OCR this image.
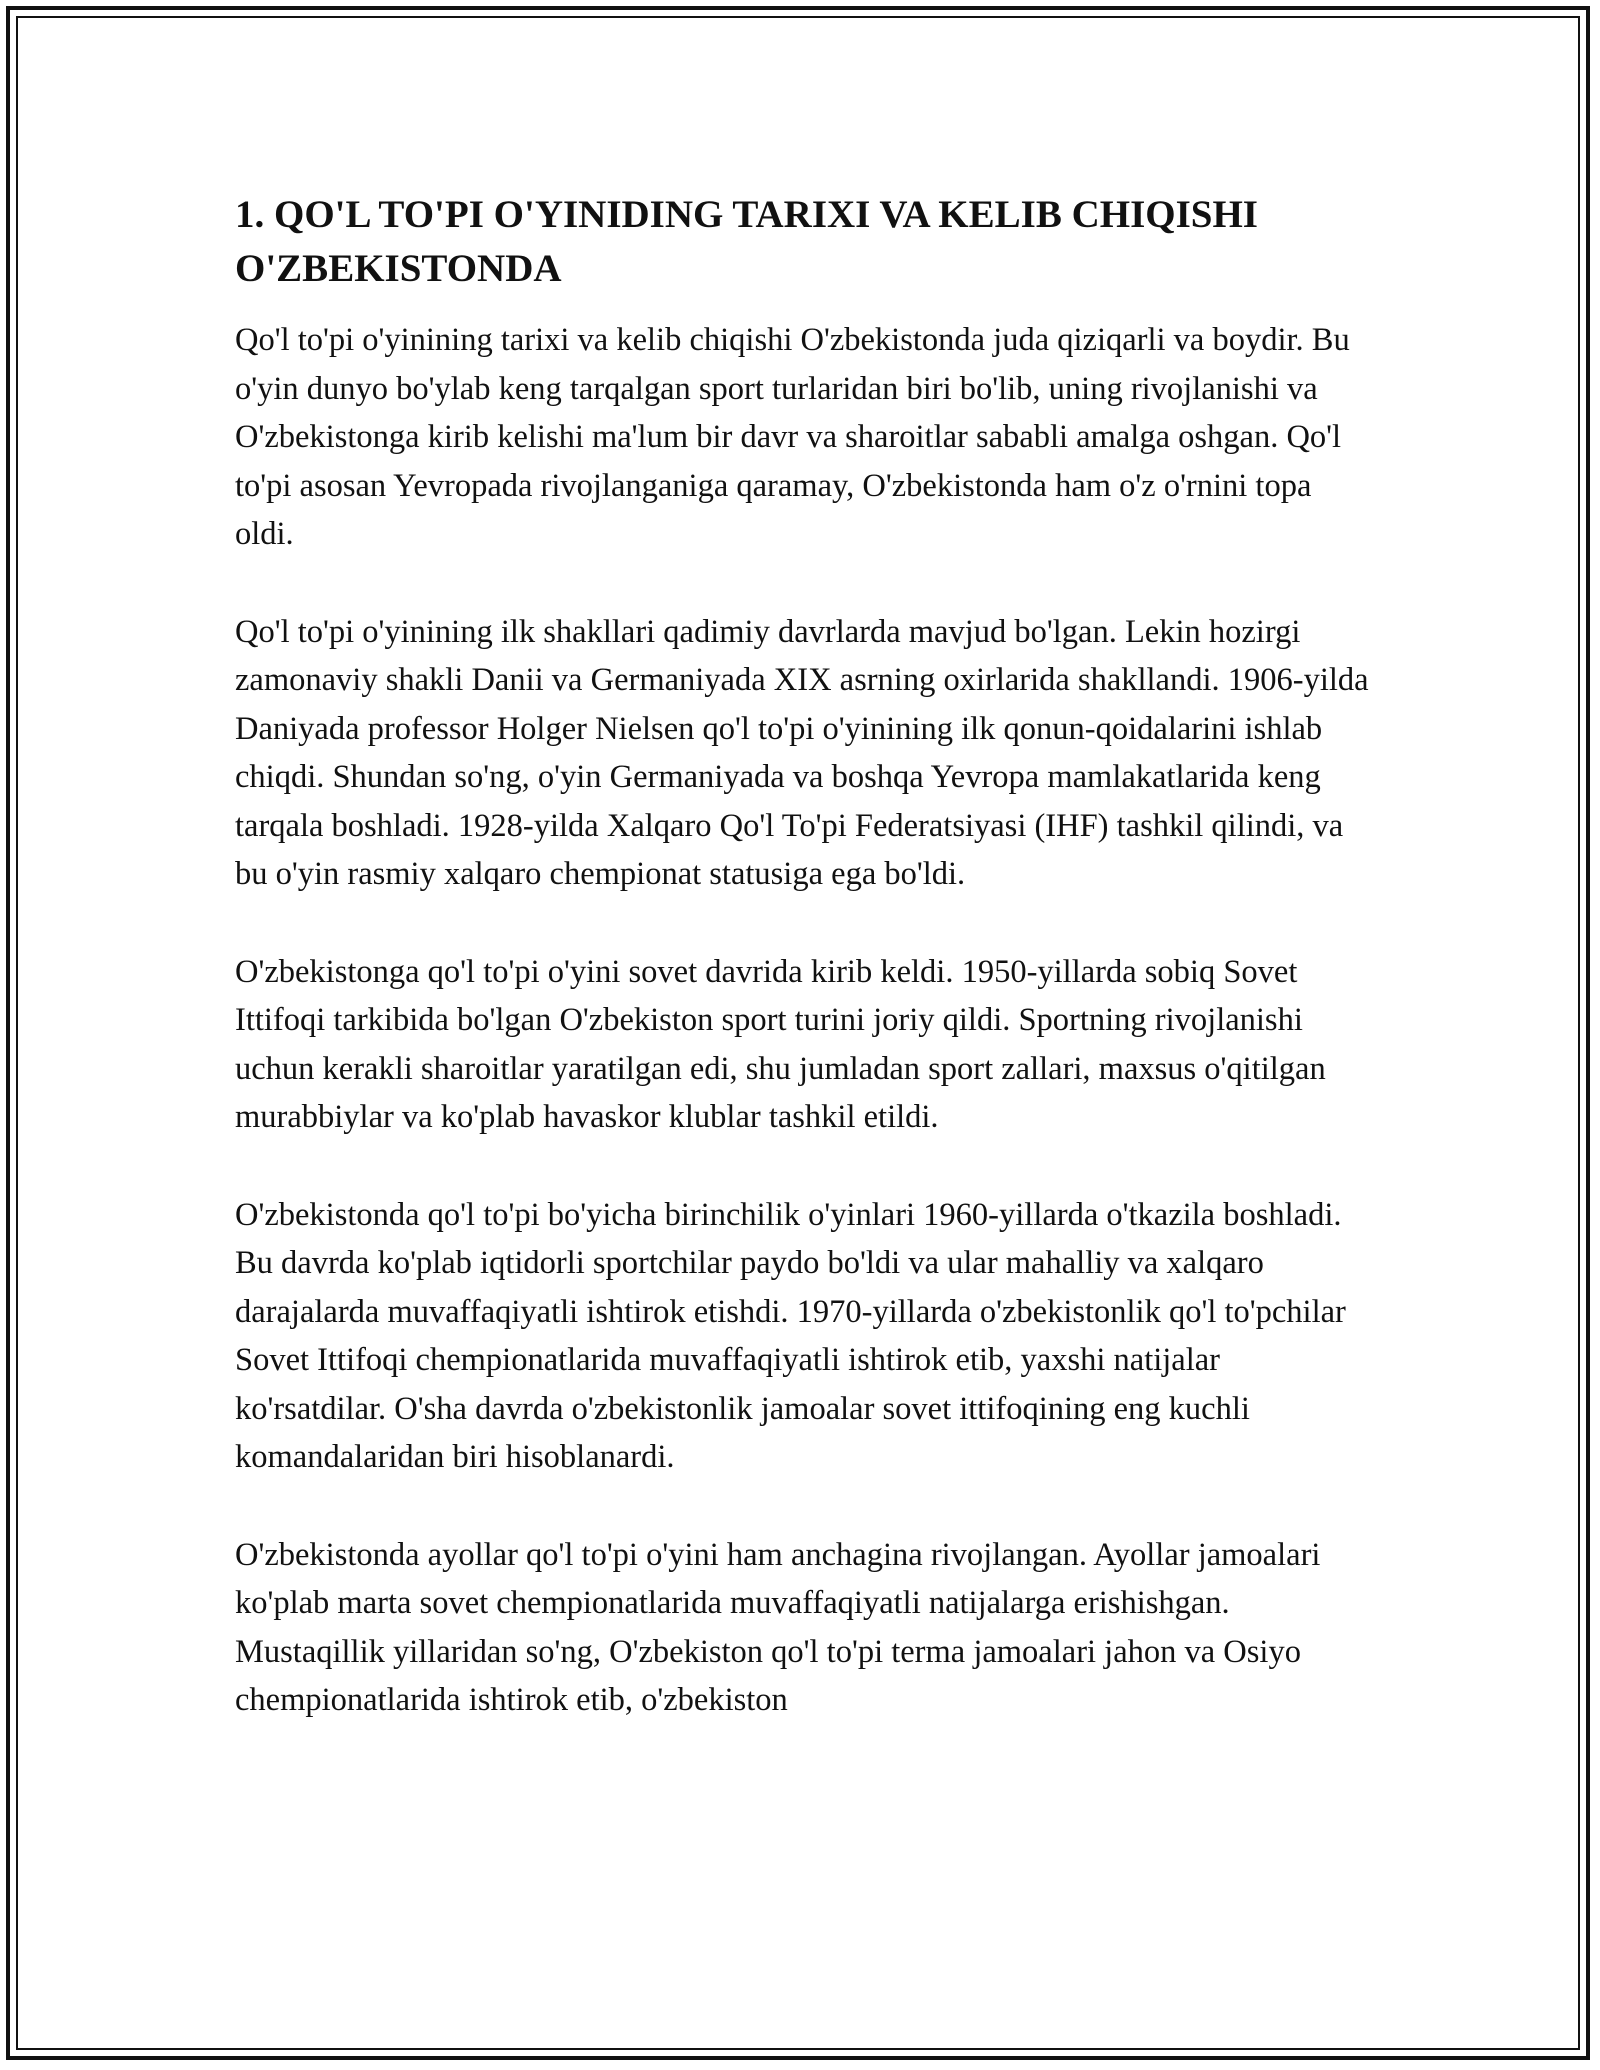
1. QO'L TO'PI O'YINIDING TARIXI VA KELIB CHIQISHI O'ZBEKISTONDA

Qo'l to'pi o'yinining tarixi va kelib chiqishi O'zbekistonda juda qiziqarli va boydir. Bu o'yin dunyo bo'ylab keng tarqalgan sport turlaridan biri bo'lib, uning rivojlanishi va O'zbekistonga kirib kelishi ma'lum bir davr va sharoitlar sababli amalga oshgan. Qo'l to'pi asosan Yevropada rivojlanganiga qaramay, O'zbekistonda ham o'z o'rnini topa oldi.

Qo'l to'pi o'yinining ilk shakllari qadimiy davrlarda mavjud bo'lgan. Lekin hozirgi zamonaviy shakli Danii va Germaniyada XIX asrning oxirlarida shakllandi. 1906-yilda Daniyada professor Holger Nielsen qo'l to'pi o'yinining ilk qonun-qoidalarini ishlab chiqdi. Shundan so'ng, o'yin Germaniyada va boshqa Yevropa mamlakatlarida keng tarqala boshladi. 1928-yilda Xalqaro Qo'l To'pi Federatsiyasi (IHF) tashkil qilindi, va bu o'yin rasmiy xalqaro chempionat statusiga ega bo'ldi.

O'zbekistonga qo'l to'pi o'yini sovet davrida kirib keldi. 1950-yillarda sobiq Sovet Ittifoqi tarkibida bo'lgan O'zbekiston sport turini joriy qildi. Sportning rivojlanishi uchun kerakli sharoitlar yaratilgan edi, shu jumladan sport zallari, maxsus o'qitilgan murabbiylar va ko'plab havaskor klublar tashkil etildi.

O'zbekistonda qo'l to'pi bo'yicha birinchilik o'yinlari 1960-yillarda o'tkazila boshladi. Bu davrda ko'plab iqtidorli sportchilar paydo bo'ldi va ular mahalliy va xalqaro darajalarda muvaffaqiyatli ishtirok etishdi. 1970-yillarda o'zbekistonlik qo'l to'pchilar Sovet Ittifoqi chempionatlarida muvaffaqiyatli ishtirok etib, yaxshi natijalar ko'rsatdilar. O'sha davrda o'zbekistonlik jamoalar sovet ittifoqining eng kuchli komandalaridan biri hisoblanardi.

O'zbekistonda ayollar qo'l to'pi o'yini ham anchagina rivojlangan. Ayollar jamoalari ko'plab marta sovet chempionatlarida muvaffaqiyatli natijalarga erishishgan. Mustaqillik yillaridan so'ng, O'zbekiston qo'l to'pi terma jamoalari jahon va Osiyo chempionatlarida ishtirok etib, o'zbekiston
